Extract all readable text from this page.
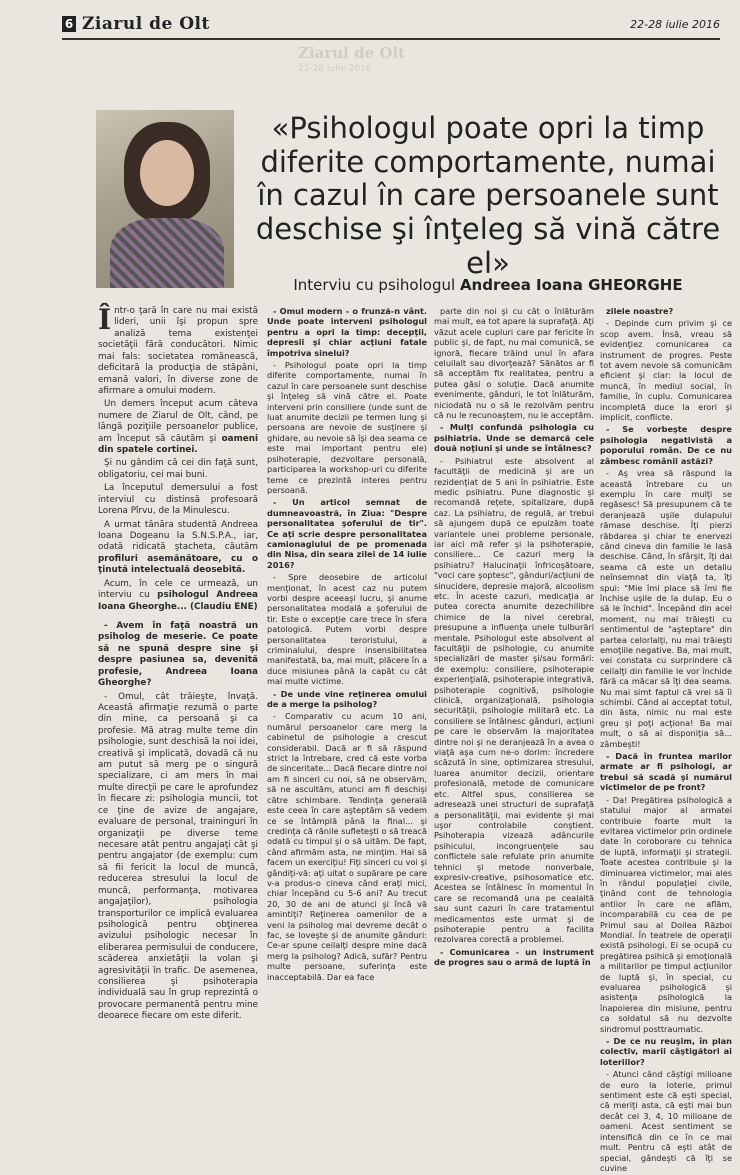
6 Ziarul de Olt	22-28 iulie 2016
Ziarul de Olt
22-28 iulie 2016
«Psihologul poate opri la timp diferite comportamente, numai în cazul în care persoanele sunt deschise şi înţeleg să vină către el»
Interviu cu psihologul Andreea Ioana GHEORGHE

Într-o ţară în care nu mai există lideri, unii îşi propun spre analiză tema existenţei societăţii fără conducători. Nimic mai fals: societatea românească, deficitară la producţia de stăpâni, emană valori, în diverse zone de afirmare a omului modern.

Un demers început acum câteva numere de Ziarul de Olt, când, pe lângă poziţiile persoanelor publice, am început să căutăm şi oameni din spatele cortinei.

Şi nu gândim că cei din faţă sunt, obligatoriu, cei mai buni.

La începutul demersului a fost interviul cu distinsă profesoară Lorena Pîrvu, de la Minulescu.

A urmat tânăra studentă Andreea Ioana Dogeanu la S.N.S.P.A., iar, odată ridicată ştacheta, căutăm profiluri asemănătoare, cu o ţinută intelectuală deosebită.

Acum, în cele ce urmează, un interviu cu psihologul Andreea Ioana Gheorghe... (Claudiu ENE)

- Avem în faţă noastră un psiholog de meserie. Ce poate să ne spună despre sine şi despre pasiunea sa, devenită profesie, Andreea Ioana Gheorghe?

- Omul, cât trăieşte, învaţă. Această afirmaţie rezumă o parte din mine, ca persoană şi ca profesie. Mă atrag multe teme din psihologie, sunt deschisă la noi idei, creativă şi implicată, dovadă că nu am putut să merg pe o singură specializare, ci am mers în mai multe direcţii pe care le aprofundez în fiecare zi: psihologia muncii, tot ce ţine de avize de angajare, evaluare de personal, traininguri în organizaţii pe diverse teme necesare atât pentru angajaţi cât şi pentru angajator (de exemplu: cum să fii fericit la locul de muncă, reducerea stresului la locul de muncă, performanţa, motivarea angajaţilor), psihologia transporturilor ce implică evaluarea psihologică pentru obţinerea avizului psihologic necesar în eliberarea permisului de conducere, scăderea anxietăţii la volan şi agresivităţii în trafic. De asemenea, consilierea şi psihoterapia individuală sau în grup reprezintă o provocare permanentă pentru mine deoarece fiecare om este diferit.

- Omul modern - o frunză-n vânt. Unde poate interveni psihologul pentru a opri la timp: decepţii, depresii şi chiar acţiuni fatale împotriva sinelui?

- Psihologul poate opri la timp diferite comportamente, numai în cazul în care persoanele sunt deschise şi înţeleg să vină către el. Poate interveni prin consiliere (unde sunt de luat anumite decizii pe termen lung şi persoana are nevoie de susţinere şi ghidare, au nevoie să îşi dea seama ce este mai important pentru ele) psihoterapie, dezvoltare personală, participarea la workshop-uri cu diferite teme ce prezintă interes pentru persoană.

- Un articol semnat de dumneavoastră, în Ziua: "Despre personalitatea şoferului de tir". Ce aţi scrie despre personalitatea camionagiului de pe promenada din Nisa, din seara zilei de 14 iulie 2016?

- Spre deosebire de articolul menţionat, în acest caz nu putem vorbi despre aceeaşi lucru, şi anume personalitatea modală a şoferului de tir. Este o excepţie care trece în sfera patologică. Putem vorbi despre personalitatea teroristului, a criminalului, despre insensibilitatea manifestată, ba, mai mult, plăcere în a duce misiunea până la capăt cu cât mai multe victime.

- De unde vine reţinerea omului de a merge la psiholog?

- Comparativ cu acum 10 ani, numărul persoanelor care merg la cabinetul de psihologie a crescut considerabil. Dacă ar fi să răspund strict la întrebare, cred că este vorba de sinceritate... Dacă fiecare dintre noi am fi sinceri cu noi, să ne observăm, să ne ascultăm, atunci am fi deschişi către schimbare. Tendinţa generală este ceea în care aşteptăm să vedem ce se întâmplă până la final... şi credinţa că rănile sufleteşti o să treacă odată cu timpul şi o să uităm. De fapt, când afirmăm asta, ne minţim. Hai să facem un exerciţiu! Fiţi sinceri cu voi şi gândiţi-vă: aţi uitat o supărare pe care v-a produs-o cineva când eraţi mici, chiar începând cu 5-6 ani? Au trecut 20, 30 de ani de atunci şi încă vă amintiţi? Reţinerea oamenilor de a veni la psiholog mai devreme decât o fac, se loveşte şi de anumite gânduri: Ce-ar spune ceilalţi despre mine dacă merg la psiholog? Adică, sufăr? Pentru multe persoane, suferinţa este inacceptabilă. Dar ea face

parte din noi şi cu cât o înlăturăm mai mult, ea tot apare la suprafaţă. Aţi văzut acele cupluri care par fericite în public şi, de fapt, nu mai comunică, se ignoră, fiecare trăind unul în afara celuilalt sau divorţează? Sănătos ar fi să acceptăm fix realitatea, pentru a putea găsi o soluţie. Dacă anumite evenimente, gânduri, le tot înlăturăm, niciodată nu o să le rezolvăm pentru că nu le recunoaştem, nu le acceptăm.

- Mulţi confundă psihologia cu psihiatria. Unde se demarcă cele două noţiuni şi unde se întâlnesc?

- Psihiatrul este absolvent al facultăţii de medicină şi are un rezidenţiat de 5 ani în psihiatrie. Este medic psihiatru. Pune diagnostic şi recomandă reţete, spitalizare, după caz. La psihiatru, de regulă, ar trebui să ajungem după ce epuizăm toate variantele unei probleme personale, iar aici mă refer şi la psihoterapie, consiliere... Ce cazuri merg la psihiatru? Halucinaţii înfricoşătoare, "voci care şoptesc", gânduri/acţiuni de sinucidere, depresie majoră, alcoolism etc. În aceste cazuri, medicaţia ar putea corecta anumite dezechilibre chimice de la nivel cerebral, presupune a influenţa unele tulburări mentale. Psihologul este absolvent al facultăţii de psihologie, cu anumite specializări de master şi/sau formări: de exemplu: consiliere, psihoterapie experienţială, psihoterapie integrativă, psihoterapie cognitivă, psihologie clinică, organizaţională, psihologia securităţii, psihologie militară etc. La consiliere se întâlnesc gânduri, acţiuni pe care le observăm la majoritatea dintre noi şi ne deranjează în a avea o viaţă aşa cum ne-o dorim: încredere scăzută în sine, optimizarea stresului, luarea anumitor decizii, orientare profesională, metode de comunicare etc. Altfel spus, consilierea se adresează unei structuri de suprafaţă a personalităţii, mai evidente şi mai uşor controlabile conştient. Psihoterapia vizează adâncurile psihicului, incongruenţele sau conflictele sale refulate prin anumite tehnici şi metode nonverbale, expresiv-creative, psihosomatice etc. Acestea se întâlnesc în momentul în care se recomandă una pe cealaltă sau sunt cazuri în care tratamentul medicamentos este urmat şi de psihoterapie pentru a facilita rezolvarea corectă a problemei.

- Comunicarea - un instrument de progres sau o armă de luptă în

zilele noastre?

- Depinde cum privim şi ce scop avem. Însă, vreau să evidenţiez comunicarea ca instrument de progres. Peste tot avem nevoie să comunicăm eficient şi clar: la locul de muncă, în mediul social, în familie, în cuplu. Comunicarea incompletă duce la erori şi implicit, conflicte.

- Se vorbeşte despre psihologia negativistă a poporului român. De ce nu zâmbesc românii astăzi?

- Aş vrea să răspund la această întrebare cu un exemplu în care mulţi se regăsesc! Să presupunem că te deranjează uşile dulapului rămase deschise. Îţi pierzi răbdarea şi chiar te enervezi când cineva din familie le lasă deschise. Când, în sfârşit, îţi dai seama că este un detaliu neînsemnat din viaţă ta, îţi spui: "Mie îmi place să îmi fie închise uşile de la dulap. Eu o să le închid". Începând din acel moment, nu mai trăieşti cu sentimentul de "aşteptare" din partea celorlalţi, nu mai trăieşti emoţiile negative. Ba, mai mult, vei constata cu surprindere că ceilalţi din familie le vor închide fără ca măcar să îţi dea seama. Nu mai simt faptul că vrei să îi schimbi. Când ai acceptat totul, din ăsta, nimic nu mai este greu şi poţi acţiona! Ba mai mult, o să ai disponiţia să... zâmbeşti!

- Dacă în fruntea marilor armate ar fi psihologi, ar trebui să scadă şi numărul victimelor de pe front?

- Da! Pregătirea psihologică a statului major al armatei contribuie foarte mult la evitarea victimelor prin ordinele date în coroborare cu tehnica de luptă, informaţii şi strategii. Toate acestea contribuie şi la diminuarea victimelor, mai ales în rândul populaţiei civile, ţinând cont de tehnologia antiior în care ne aflăm, incomparabilă cu cea de pe Primul sau al Doilea Război Mondial. În teatrele de operaţii există psihologi. Ei se ocupă cu pregătirea psihică şi emoţională a militarilor pe timpul acţiunilor de luptă şi, în special, cu evaluarea psihologică şi asistenţa psihologică la înapoierea din misiune, pentru ca soldatul să nu dezvolte sindromul posttraumatic.

- De ce nu reuşim, în plan colectiv, marii câştigători ai loteriilor?

- Atunci când câştigi milioane de euro la loterie, primul sentiment este că eşti special, că meriţi asta, că eşti mai bun decât cei 3, 4, 10 milioane de oameni. Acest sentiment se intensifică din ce în ce mai mult. Pentru că eşti atât de special, gândeşti că îţi se cuvine
